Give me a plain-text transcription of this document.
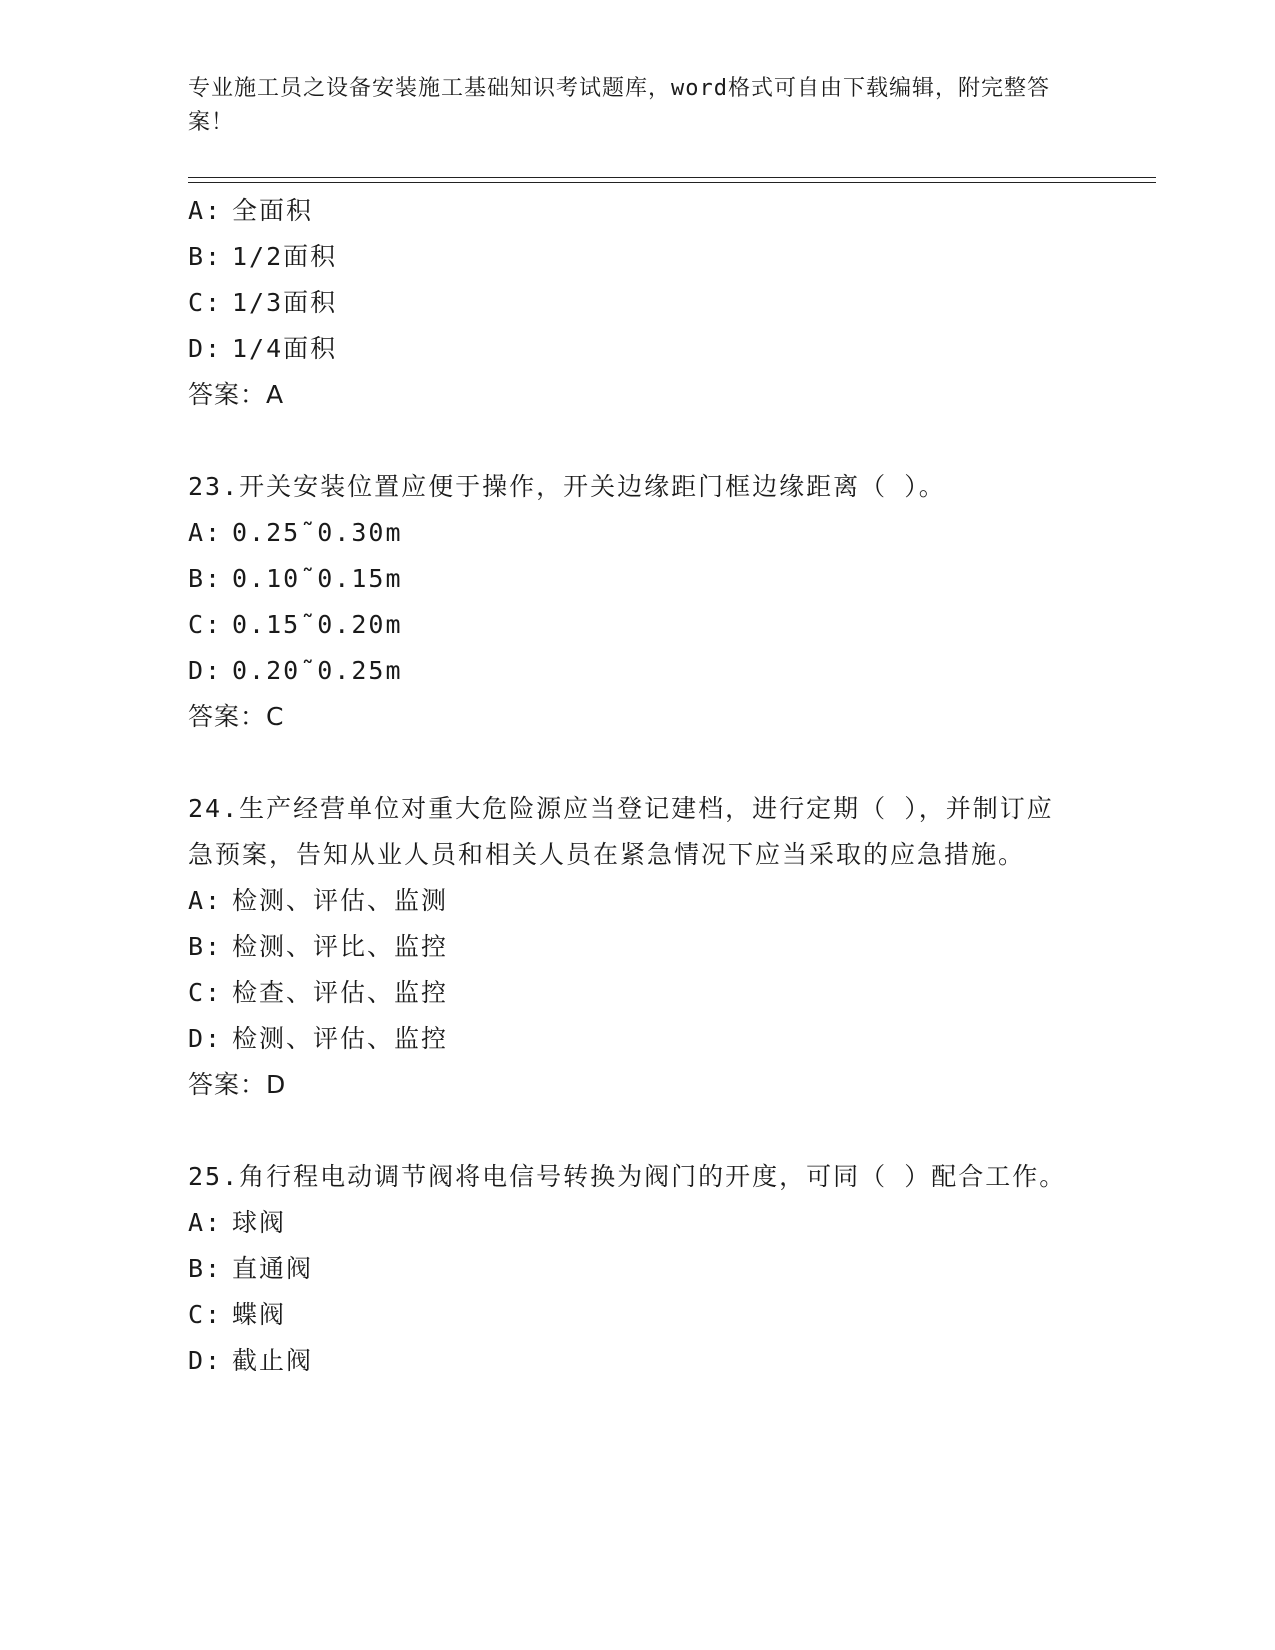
专业施工员之设备安装施工基础知识考试题库，word格式可自由下载编辑，附完整答案！
A: 全面积
B: 1/2面积
C: 1/3面积
D: 1/4面积
答案：A
23.开关安装位置应便于操作，开关边缘距门框边缘距离（ ）。
A: 0.25˜0.30m
B: 0.10˜0.15m
C: 0.15˜0.20m
D: 0.20˜0.25m
答案：C
24.生产经营单位对重大危险源应当登记建档，进行定期（ ），并制订应急预案，告知从业人员和相关人员在紧急情况下应当采取的应急措施。
A: 检测、评估、监测
B: 检测、评比、监控
C: 检查、评估、监控
D: 检测、评估、监控
答案：D
25.角行程电动调节阀将电信号转换为阀门的开度，可同（ ）配合工作。
A: 球阀
B: 直通阀
C: 蝶阀
D: 截止阀
